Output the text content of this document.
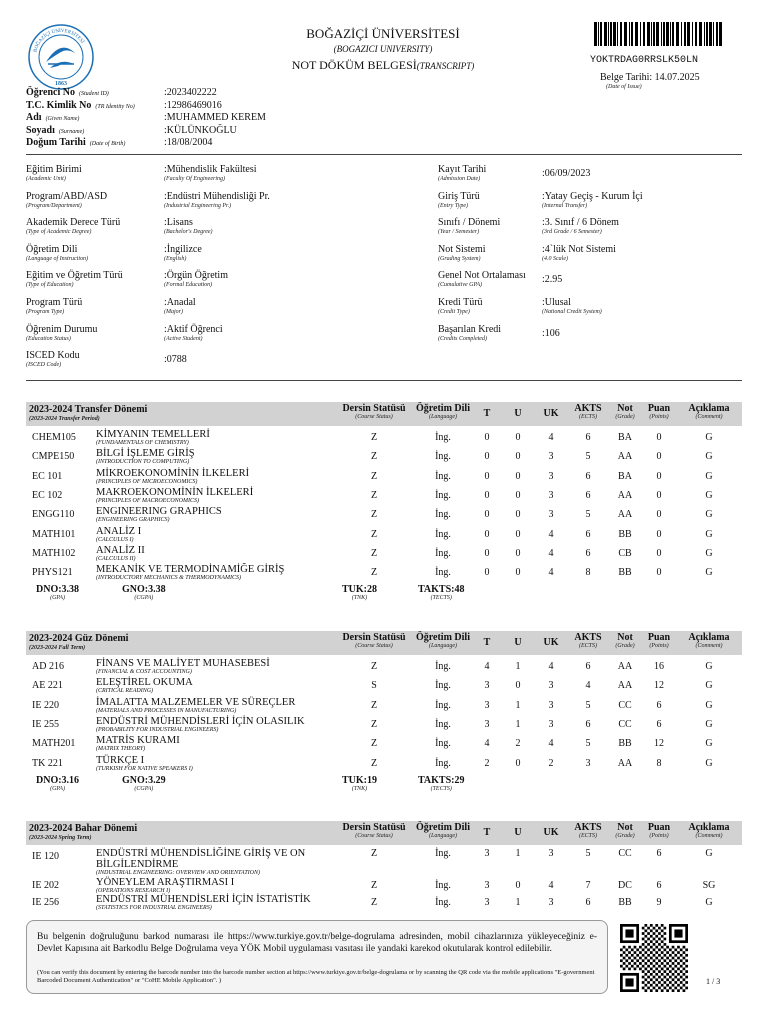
1863
BOĞAZİÇİ ÜNİVERSİTESİ
BOĞAZİÇİ ÜNİVERSİTESİ
(BOGAZICI UNIVERSITY)
NOT DÖKÜM BELGESİ(TRANSCRIPT)	YOKTRDAG0RRSLK50LN
Belge Tarihi: 14.07.2025
(Date of Issue)
Öğrenci No (Student ID)	:2023402222
T.C. Kimlik No (TR Identity No)	:12986469016
Adı (Given Name)	:MUHAMMED KEREM
Soyadı (Surname)	:KÜLÜNKOĞLU
Doğum Tarihi (Date of Birth)	:18/08/2004
Eğitim Birimi
(Academic Unit)
:Mühendislik Fakültesi
(Faculty Of Engineering)
Program/ABD/ASD
(Program/Department)
:Endüstri Mühendisliği Pr.
(Industrial Engineering Pr.)
Akademik Derece Türü
(Type of Academic Degree)
:Lisans
(Bachelor's Degree)
Öğretim Dili
(Language of Instruction)
:İngilizce
(English)
Eğitim ve Öğretim Türü
(Type of Education)
:Örgün Öğretim
(Formal Education)
Program Türü
(Program Type)
:Anadal
(Major)
Öğrenim Durumu
(Education Status)
:Aktif Öğrenci
(Active Student)
ISCED Kodu
(ISCED Code)	:0788
Kayıt Tarihi
(Admission Date)	:06/09/2023
Giriş Türü
(Entry Type)
:Yatay Geçiş - Kurum İçi
(Internal Transfer)
Sınıfı / Dönemi
(Year / Semester)
:3. Sınıf / 6 Dönem
(3rd Grade / 6 Semester)
Not Sistemi
(Grading System)
:4`lük Not Sistemi
(4.0 Scale)
Genel Not Ortalaması
(Cumulative GPA)	:2.95
Kredi Türü
(Credit Type)
:Ulusal
(National Credit System)
Başarılan Kredi
(Credits Completed)	:106
2023-2024 Transfer Dönemi
(2023-2024 Transfer Period)
Dersin Statüsü
(Course Status)
Öğretim Dili
(Language)	T	U	UK	AKTS
(ECTS)
Not
(Grade)
Puan
(Points)
Açıklama
(Comment)
CHEM105 KİMYANIN TEMELLERİ
(FUNDAMENTALS OF CHEMISTRY)	Z	İng.	0	0	4	6	BA	0	G
CMPE150 BİLGİ İŞLEME GİRİŞ
(INTRODUCTION TO COMPUTING)	Z	İng.	0	0	3	5	AA	0	G
EC 101	MİKROEKONOMİNİN İLKELERİ
(PRINCIPLES OF MICROECONOMICS)	Z	İng.	0	0	3	6	BA	0	G
EC 102	MAKROEKONOMİNİN İLKELERİ
(PRINCIPLES OF MACROECONOMICS)	Z	İng.	0	0	3	6	AA	0	G
ENGG110 ENGINEERING GRAPHICS
(ENGINEERING GRAPHICS)	Z	İng.	0	0	3	5	AA	0	G
MATH101 ANALİZ I
(CALCULUS I)	Z	İng.	0	0	4	6	BB	0	G
MATH102 ANALİZ II
(CALCULUS II)	Z	İng.	0	0	4	6	CB	0	G
PHYS121 MEKANİK VE TERMODİNAMİĞE GİRİŞ
(INTRODUCTORY MECHANICS & THERMODYNAMICS)	Z	İng.	0	0	4	8	BB	0	G
DNO:3.38
(GPA)
GNO:3.38
(CGPA)
TUK:28
(TNK)
TAKTS:48
(TECTS)
2023-2024 Güz Dönemi
(2023-2024 Fall Term)
Dersin Statüsü
(Course Status)
Öğretim Dili
(Language)	T	U	UK	AKTS
(ECTS)
Not
(Grade)
Puan
(Points)
Açıklama
(Comment)
AD 216	FİNANS VE MALİYET MUHASEBESİ
(FINANCIAL & COST ACCOUNTING)	Z	İng.	4	1	4	6	AA	16	G
AE 221	ELEŞTİREL OKUMA
(CRITICAL READING)	S	İng.	3	0	3	4	AA	12	G
IE 220	İMALATTA MALZEMELER VE SÜREÇLER
(MATERIALS AND PROCESSES IN MANUFACTURING)	Z	İng.	3	1	3	5	CC	6	G
IE 255	ENDÜSTRİ MÜHENDİSLERİ İÇİN OLASILIK
(PROBABILITY FOR INDUSTRIAL ENGINEERS)	Z	İng.	3	1	3	6	CC	6	G
MATH201 MATRİS KURAMI
(MATRIX THEORY)	Z	İng.	4	2	4	5	BB	12	G
TK 221	TÜRKÇE I
(TURKISH FOR NATIVE SPEAKERS I)	Z	İng.	2	0	2	3	AA	8	G
DNO:3.16
(GPA)
GNO:3.29
(CGPA)
TUK:19
(TNK)
TAKTS:29
(TECTS)
2023-2024 Bahar Dönemi
(2023-2024 Spring Term)
Dersin Statüsü
(Course Status)
Öğretim Dili
(Language)	T	U	UK	AKTS
(ECTS)
Not
(Grade)
Puan
(Points)
Açıklama
(Comment)
IE 120	ENDÜSTRİ MÜHENDİSLİĞİNE GİRİŞ VE ON
BİLGİLENDİRME
(INDUSTRIAL ENGINEERING: OVERVIEW AND ORIENTATION)
Z	İng.	3	1	3	5	CC	6	G
IE 202	YÖNEYLEM ARAŞTIRMASI I
(OPERATIONS RESEARCH I)	Z	İng.	3	0	4	7	DC	6	SG
IE 256	ENDÜSTRİ MÜHENDİSLERİ İÇİN İSTATİSTİK
(STATISTICS FOR INDUSTRIAL ENGINEERS)	Z	İng.	3	1	3	6	BB	9	G
Bu belgenin doğruluğunu barkod numarası ile https://www.turkiye.gov.tr/belge-dogrulama adresinden, mobil cihazlarınıza yükleyeceğiniz e-Devlet Kapısına ait Barkodlu Belge Doğrulama veya YÖK Mobil uygulaması vasıtası ile yandaki karekod okutularak kontrol edilebilir.
(You can verify this document by entering the barcode number into the barcode number section at https://www.turkiye.gov.tr/belge-dogrulama or by scanning the QR code via the mobile applications "E-government Barcoded Document Authentication" or "CoHE Mobile Application". )	1 / 3
